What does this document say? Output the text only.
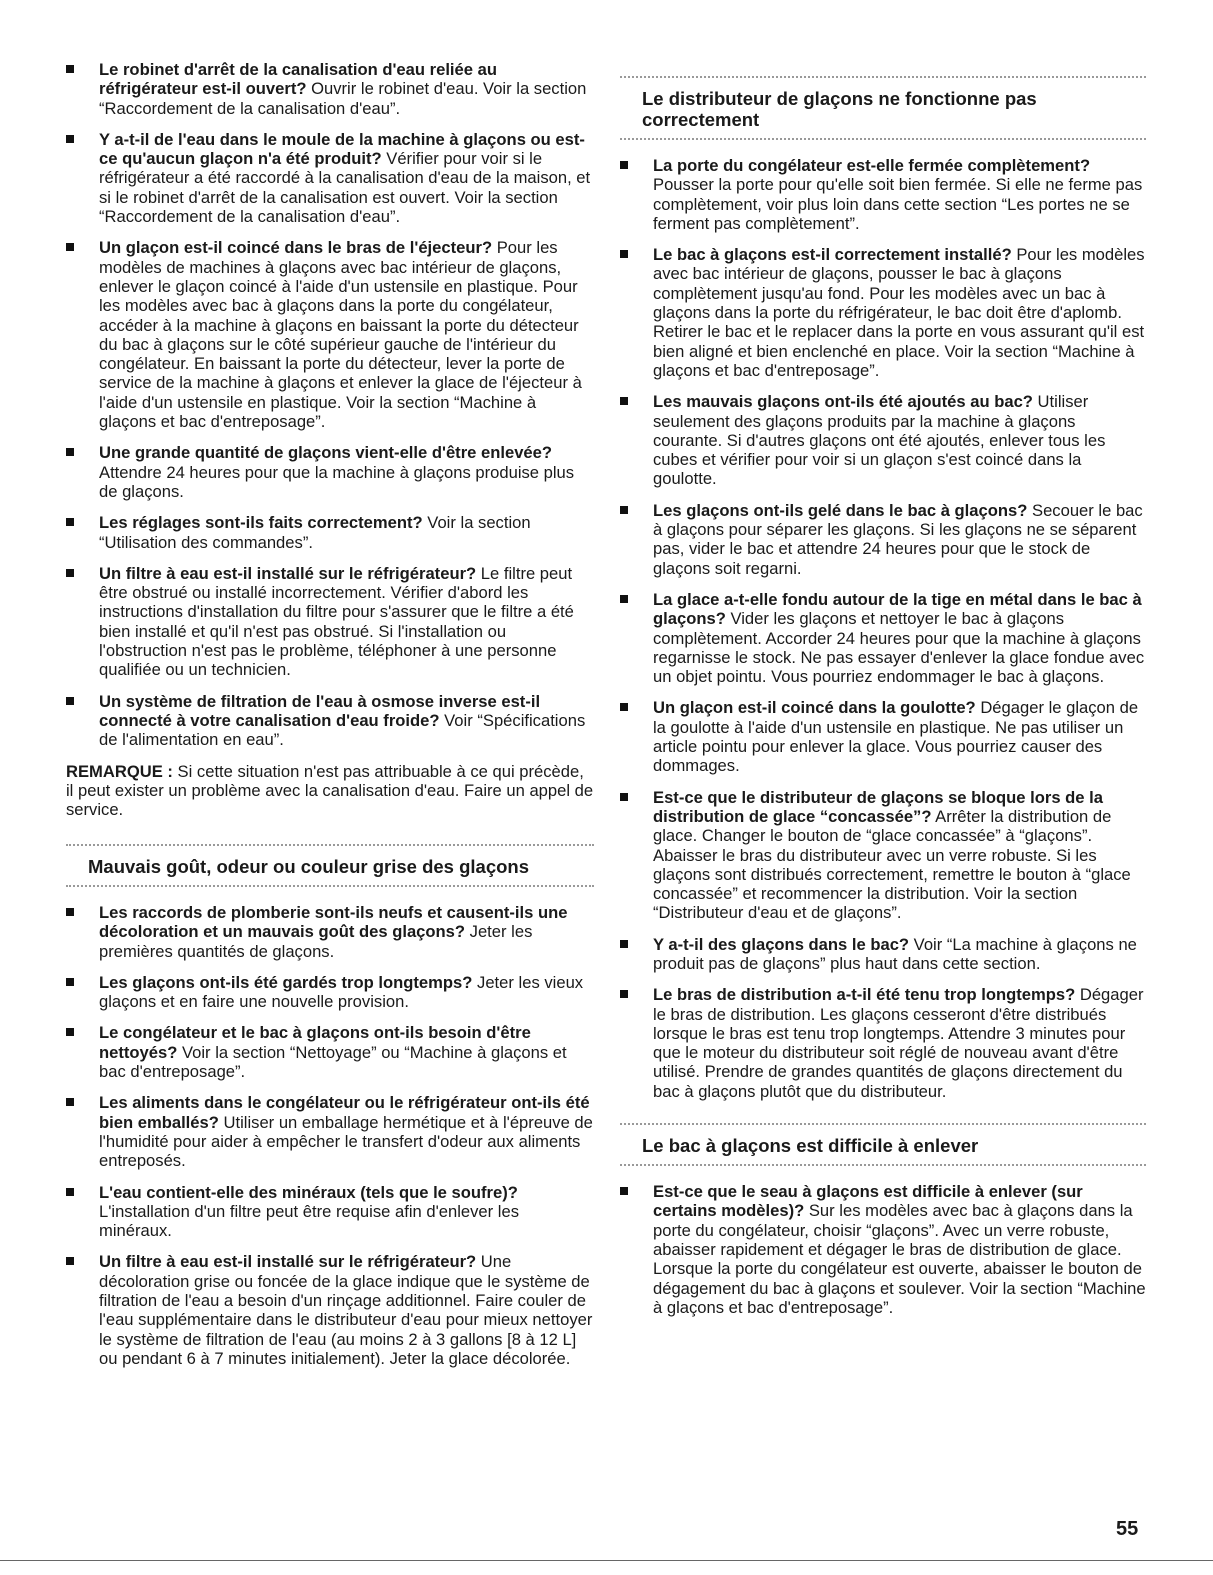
Le robinet d'arrêt de la canalisation d'eau reliée au réfrigérateur est-il ouvert? Ouvrir le robinet d'eau. Voir la section “Raccordement de la canalisation d'eau”.
Y a-t-il de l'eau dans le moule de la machine à glaçons ou est-ce qu'aucun glaçon n'a été produit? Vérifier pour voir si le réfrigérateur a été raccordé à la canalisation d'eau de la maison, et si le robinet d'arrêt de la canalisation est ouvert. Voir la section “Raccordement de la canalisation d'eau”.
Un glaçon est-il coincé dans le bras de l'éjecteur? Pour les modèles de machines à glaçons avec bac intérieur de glaçons, enlever le glaçon coincé à l'aide d'un ustensile en plastique. Pour les modèles avec bac à glaçons dans la porte du congélateur, accéder à la machine à glaçons en baissant la porte du détecteur du bac à glaçons sur le côté supérieur gauche de l'intérieur du congélateur. En baissant la porte du détecteur, lever la porte de service de la machine à glaçons et enlever la glace de l'éjecteur à l'aide d'un ustensile en plastique. Voir la section “Machine à glaçons et bac d'entreposage”.
Une grande quantité de glaçons vient-elle d'être enlevée? Attendre 24 heures pour que la machine à glaçons produise plus de glaçons.
Les réglages sont-ils faits correctement? Voir la section “Utilisation des commandes”.
Un filtre à eau est-il installé sur le réfrigérateur? Le filtre peut être obstrué ou installé incorrectement. Vérifier d'abord les instructions d'installation du filtre pour s'assurer que le filtre a été bien installé et qu'il n'est pas obstrué. Si l'installation ou l'obstruction n'est pas le problème, téléphoner à une personne qualifiée ou un technicien.
Un système de filtration de l'eau à osmose inverse est-il connecté à votre canalisation d'eau froide? Voir “Spécifications de l'alimentation en eau”.

REMARQUE : Si cette situation n'est pas attribuable à ce qui précède, il peut exister un problème avec la canalisation d'eau. Faire un appel de service.

Mauvais goût, odeur ou couleur grise des glaçons
Les raccords de plomberie sont-ils neufs et causent-ils une décoloration et un mauvais goût des glaçons? Jeter les premières quantités de glaçons.
Les glaçons ont-ils été gardés trop longtemps? Jeter les vieux glaçons et en faire une nouvelle provision.
Le congélateur et le bac à glaçons ont-ils besoin d'être nettoyés? Voir la section “Nettoyage” ou “Machine à glaçons et bac d'entreposage”.
Les aliments dans le congélateur ou le réfrigérateur ont-ils été bien emballés? Utiliser un emballage hermétique et à l'épreuve de l'humidité pour aider à empêcher le transfert d'odeur aux aliments entreposés.
L'eau contient-elle des minéraux (tels que le soufre)? L'installation d'un filtre peut être requise afin d'enlever les minéraux.
Un filtre à eau est-il installé sur le réfrigérateur? Une décoloration grise ou foncée de la glace indique que le système de filtration de l'eau a besoin d'un rinçage additionnel. Faire couler de l'eau supplémentaire dans le distributeur d'eau pour mieux nettoyer le système de filtration de l'eau (au moins 2 à 3 gallons [8 à 12 L] ou pendant 6 à 7 minutes initialement). Jeter la glace décolorée.
Le distributeur de glaçons ne fonctionne pas correctement
La porte du congélateur est-elle fermée complètement? Pousser la porte pour qu'elle soit bien fermée. Si elle ne ferme pas complètement, voir plus loin dans cette section “Les portes ne se ferment pas complètement”.
Le bac à glaçons est-il correctement installé? Pour les modèles avec bac intérieur de glaçons, pousser le bac à glaçons complètement jusqu'au fond. Pour les modèles avec un bac à glaçons dans la porte du réfrigérateur, le bac doit être d'aplomb. Retirer le bac et le replacer dans la porte en vous assurant qu'il est bien aligné et bien enclenché en place. Voir la section “Machine à glaçons et bac d'entreposage”.
Les mauvais glaçons ont-ils été ajoutés au bac? Utiliser seulement des glaçons produits par la machine à glaçons courante. Si d'autres glaçons ont été ajoutés, enlever tous les cubes et vérifier pour voir si un glaçon s'est coincé dans la goulotte.
Les glaçons ont-ils gelé dans le bac à glaçons? Secouer le bac à glaçons pour séparer les glaçons. Si les glaçons ne se séparent pas, vider le bac et attendre 24 heures pour que le stock de glaçons soit regarni.
La glace a-t-elle fondu autour de la tige en métal dans le bac à glaçons? Vider les glaçons et nettoyer le bac à glaçons complètement. Accorder 24 heures pour que la machine à glaçons regarnisse le stock. Ne pas essayer d'enlever la glace fondue avec un objet pointu. Vous pourriez endommager le bac à glaçons.
Un glaçon est-il coincé dans la goulotte? Dégager le glaçon de la goulotte à l'aide d'un ustensile en plastique. Ne pas utiliser un article pointu pour enlever la glace. Vous pourriez causer des dommages.
Est-ce que le distributeur de glaçons se bloque lors de la distribution de glace “concassée”? Arrêter la distribution de glace. Changer le bouton de “glace concassée” à “glaçons”. Abaisser le bras du distributeur avec un verre robuste. Si les glaçons sont distribués correctement, remettre le bouton à “glace concassée” et recommencer la distribution. Voir la section “Distributeur d'eau et de glaçons”.
Y a-t-il des glaçons dans le bac? Voir “La machine à glaçons ne produit pas de glaçons” plus haut dans cette section.
Le bras de distribution a-t-il été tenu trop longtemps? Dégager le bras de distribution. Les glaçons cesseront d'être distribués lorsque le bras est tenu trop longtemps. Attendre 3 minutes pour que le moteur du distributeur soit réglé de nouveau avant d'être utilisé. Prendre de grandes quantités de glaçons directement du bac à glaçons plutôt que du distributeur.
Le bac à glaçons est difficile à enlever
Est-ce que le seau à glaçons est difficile à enlever (sur certains modèles)? Sur les modèles avec bac à glaçons dans la porte du congélateur, choisir “glaçons”. Avec un verre robuste, abaisser rapidement et dégager le bras de distribution de glace. Lorsque la porte du congélateur est ouverte, abaisser le bouton de dégagement du bac à glaçons et soulever. Voir la section “Machine à glaçons et bac d'entreposage”.
55
